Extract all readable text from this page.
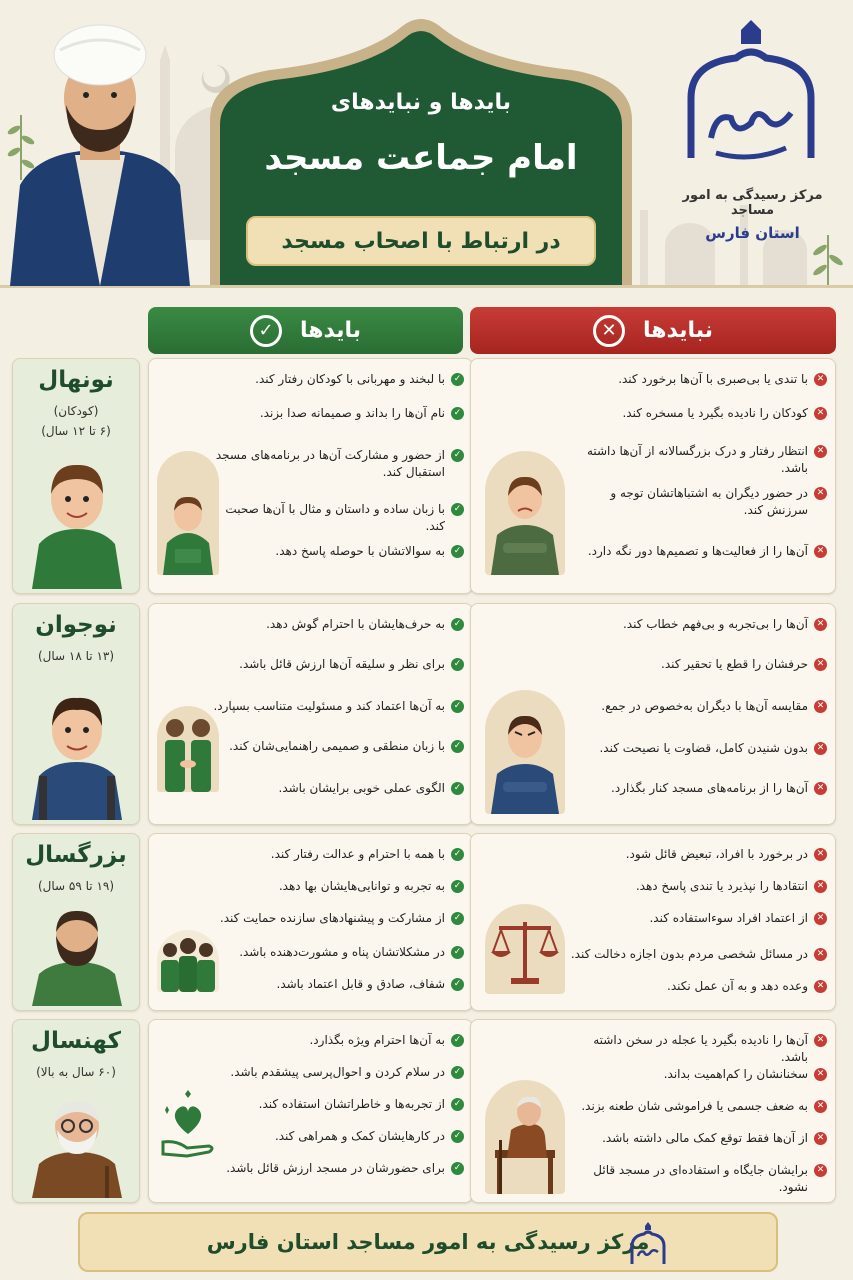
بایدها و نبایدهای
امام جماعت مسجد
در ارتباط با اصحاب مسجد
مرکز رسیدگی به امور مساجد
استان فارس
بایدها
✓	نبایدها
✕
نونهال
(کودکان)
(۶ تا ۱۲ سال)
✓
با لبخند و مهربانی با کودکان رفتار کند.
✓
نام آن‌ها را بداند و صمیمانه صدا بزند.
✓
از حضور و مشارکت آن‌ها در برنامه‌های مسجد استقبال کند.
✓
با زبان ساده و داستان و مثال با آن‌ها صحبت کند.
✓
به سوالاتشان با حوصله پاسخ دهد.
✕
با تندی یا بی‌صبری با آن‌ها برخورد کند.
✕
کودکان را نادیده بگیرد یا مسخره کند.
✕
انتظار رفتار و درک بزرگسالانه از آن‌ها داشته باشد.
✕
در حضور دیگران به اشتباهاتشان توجه و سرزنش کند.
✕
آن‌ها را از فعالیت‌ها و تصمیم‌ها دور نگه دارد.
نوجوان
(۱۳ تا ۱۸ سال)
✓
به حرف‌هایشان با احترام گوش دهد.
✓
برای نظر و سلیقه آن‌ها ارزش قائل باشد.
✓
به آن‌ها اعتماد کند و مسئولیت متناسب بسپارد.
✓
با زبان منطقی و صمیمی راهنمایی‌شان کند.
✓
الگوی عملی خوبی برایشان باشد.
✕
آن‌ها را بی‌تجربه و بی‌فهم خطاب کند.
✕
حرفشان را قطع یا تحقیر کند.
✕
مقایسه آن‌ها با دیگران به‌خصوص در جمع.
✕
بدون شنیدن کامل، قضاوت یا نصیحت کند.
✕
آن‌ها را از برنامه‌های مسجد کنار بگذارد.
بزرگسال
(۱۹ تا ۵۹ سال)
✓
با همه با احترام و عدالت رفتار کند.
✓
به تجربه و توانایی‌هایشان بها دهد.
✓
از مشارکت و پیشنهادهای سازنده حمایت کند.
✓
در مشکلاتشان پناه و مشورت‌دهنده باشد.
✓
شفاف، صادق و قابل اعتماد باشد.
✕
در برخورد با افراد، تبعیض قائل شود.
✕
انتقادها را نپذیرد یا تندی پاسخ دهد.
✕
از اعتماد افراد سوءاستفاده کند.
✕
در مسائل شخصی مردم بدون اجازه دخالت کند.
✕
وعده دهد و به آن عمل نکند.
کهنسال
(۶۰ سال به بالا)
✓
به آن‌ها احترام ویژه بگذارد.
✓
در سلام کردن و احوال‌پرسی پیشقدم باشد.
✓
از تجربه‌ها و خاطراتشان استفاده کند.
✓
در کارهایشان کمک و همراهی کند.
✓
برای حضورشان در مسجد ارزش قائل باشد.
✕
آن‌ها را نادیده بگیرد یا عجله در سخن داشته باشد.
✕
سخنانشان را کم‌اهمیت بداند.
✕
به ضعف جسمی یا فراموشی شان طعنه بزند.
✕
از آن‌ها فقط توقع کمک مالی داشته باشد.
✕
برایشان جایگاه و استفاده‌ای در مسجد قائل نشود.
مرکز رسیدگی به امور مساجد استان فارس
